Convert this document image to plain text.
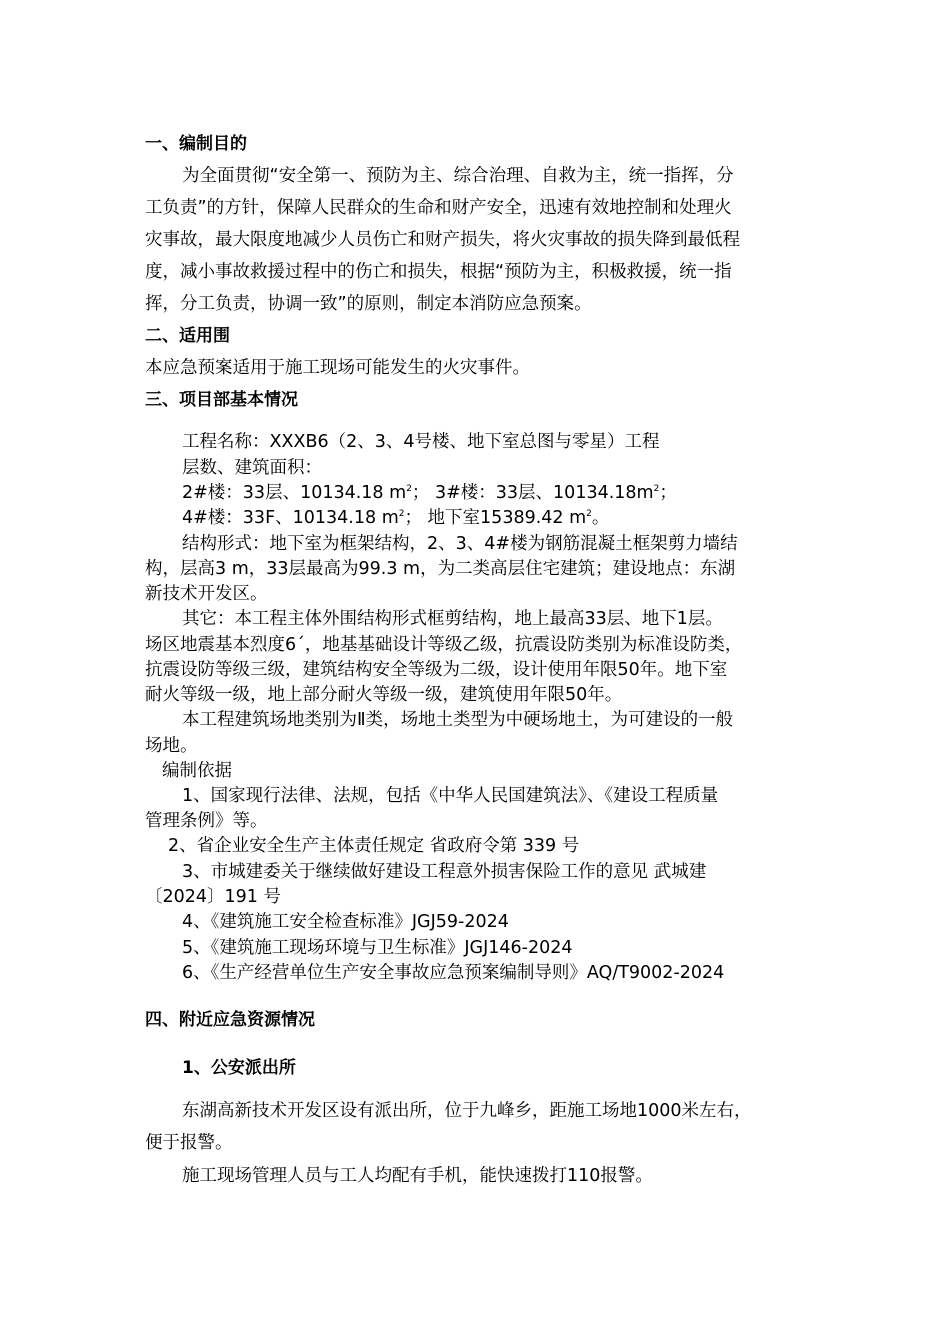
一、编制目的
为全面贯彻“安全第一、预防为主、综合治理、自救为主，统一指挥，分
工负责”的方针，保障人民群众的生命和财产安全，迅速有效地控制和处理火
灾事故，最大限度地减少人员伤亡和财产损失，将火灾事故的损失降到最低程
度，减小事故救援过程中的伤亡和损失，根据“预防为主，积极救援，统一指
挥，分工负责，协调一致”的原则，制定本消防应急预案。
二、适用围
本应急预案适用于施工现场可能发生的火灾事件。
三、项目部基本情况
工程名称：XXXB6（2、3、4号楼、地下室总图与零星）工程
层数、建筑面积：
2#楼：33层、10134.18 $m^2$； 3#楼：33层、$10134.18m^2$；
4#楼：33F、10134.18 $m^2$； 地下室15389.42 $m^2$。
结构形式：地下室为框架结构，2、3、4#楼为钢筋混凝土框架剪力墙结
构，层高3 m，33层最高为99.3 m，为二类高层住宅建筑；建设地点：东湖
新技术开发区。
其它：本工程主体外围结构形式框剪结构，地上最高33层、地下1层。
场区地震基本烈度6´，地基基础设计等级乙级，抗震设防类别为标准设防类，
抗震设防等级三级，建筑结构安全等级为二级，设计使用年限50年。地下室
耐火等级一级，地上部分耐火等级一级，建筑使用年限50年。
本工程建筑场地类别为Ⅱ类，场地土类型为中硬场地土，为可建设的一般
场地。
编制依据
1、国家现行法律、法规，包括《中华人民国建筑法》、《建设工程质量
管理条例》等。
2、省企业安全生产主体责任规定 省政府令第 339 号
3、市城建委关于继续做好建设工程意外损害保险工作的意见 武城建
〔2024〕191 号
4、《建筑施工安全检查标准》JGJ59-2024
5、《建筑施工现场环境与卫生标准》JGJ146-2024
6、《生产经营单位生产安全事故应急预案编制导则》AQ/T9002-2024
四、附近应急资源情况
1、公安派出所
东湖高新技术开发区设有派出所，位于九峰乡，距施工场地1000米左右，
便于报警。
施工现场管理人员与工人均配有手机，能快速拨打110报警。
